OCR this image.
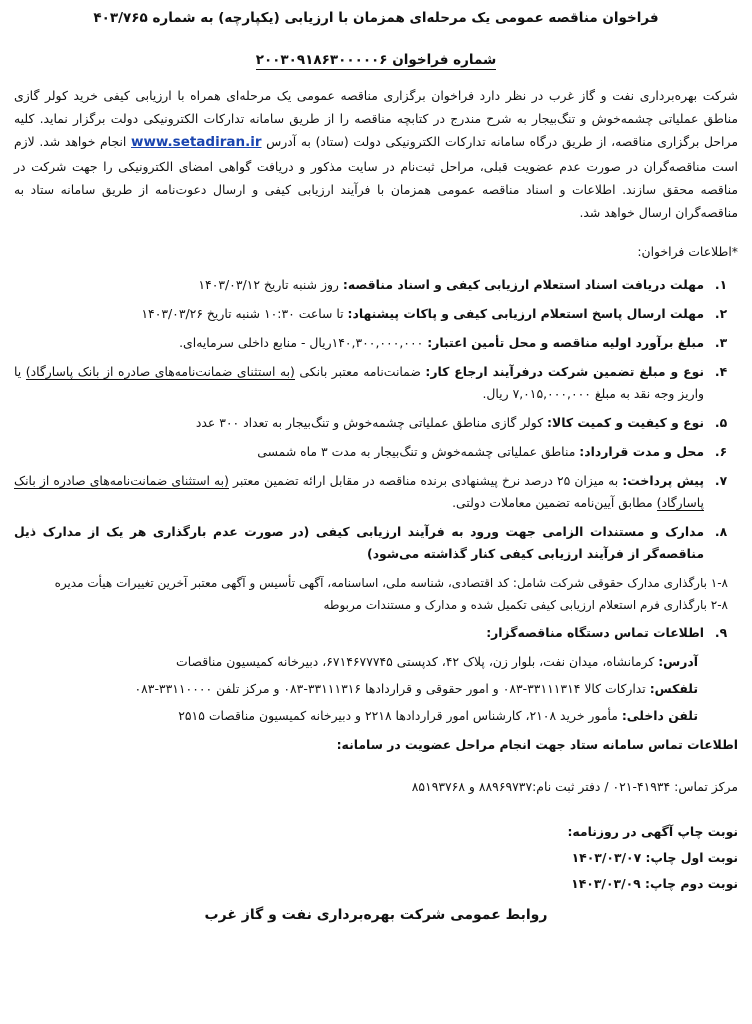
فراخوان مناقصه عمومی یک مرحله‌ای همزمان با ارزیابی (یکپارچه) به شماره ۴۰۳/۷۶۵
شماره فراخوان ۲۰۰۳۰۹۱۸۶۳۰۰۰۰۰۶
شرکت بهره‌برداری نفت و گاز غرب در نظر دارد فراخوان برگزاری مناقصه عمومی یک مرحله‌ای همراه با ارزیابی کیفی خرید کولر گازی مناطق عملیاتی چشمه‌خوش و تنگ‌بیجار به شرح مندرج در کتابچه مناقصه را از طریق سامانه تدارکات الکترونیکی دولت برگزار نماید. کلیه مراحل برگزاری مناقصه، از طریق درگاه سامانه تدارکات الکترونیکی دولت (ستاد) به آدرس www.setadiran.ir انجام خواهد شد. لازم است مناقصه‌گران در صورت عدم عضویت قبلی، مراحل ثبت‌نام در سایت مذکور و دریافت گواهی امضای الکترونیکی را جهت شرکت در مناقصه محقق سازند. اطلاعات و اسناد مناقصه عمومی همزمان با فرآیند ارزیابی کیفی و ارسال دعوت‌نامه از طریق سامانه ستاد به مناقصه‌گران ارسال خواهد شد.
*اطلاعات فراخوان:
۱.
مهلت دریافت اسناد استعلام ارزیابی کیفی و اسناد مناقصه: روز شنبه تاریخ ۱۴۰۳/۰۳/۱۲
۲.
مهلت ارسال پاسخ استعلام ارزیابی کیفی و پاکات پیشنهاد: تا ساعت ۱۰:۳۰ شنبه تاریخ ۱۴۰۳/۰۳/۲۶
۳.
مبلغ برآورد اولیه مناقصه و محل تأمین اعتبار: ۱۴۰,۳۰۰,۰۰۰,۰۰۰ریال - منابع داخلی سرمایه‌ای.
۴.
نوع و مبلغ تضمین شرکت درفرآیند ارجاع کار: ضمانت‌نامه معتبر بانکی (به استثنای ضمانت‌نامه‌های صادره از بانک پاسارگاد) یا واریز وجه نقد به مبلغ ۷,۰۱۵,۰۰۰,۰۰۰ ریال.
۵.
نوع و کیفیت و کمیت کالا: کولر گازی مناطق عملیاتی چشمه‌خوش و تنگ‌بیجار به تعداد ۳۰۰ عدد
۶.
محل و مدت قرارداد: مناطق عملیاتی چشمه‌خوش و تنگ‌بیجار به مدت ۳ ماه شمسی
۷.
پیش پرداخت: به میزان ۲۵ درصد نرخ پیشنهادی برنده مناقصه در مقابل ارائه تضمین معتبر (به استثنای ضمانت‌نامه‌های صادره از بانک پاسارگاد) مطابق آیین‌نامه تضمین معاملات دولتی.
۸.
مدارک و مستندات الزامی جهت ورود به فرآیند ارزیابی کیفی (در صورت عدم بارگذاری هر یک از مدارک ذیل مناقصه‌گر از فرآیند ارزیابی کیفی کنار گذاشته می‌شود)
۱-۸ بارگذاری مدارک حقوقی شرکت شامل: کد اقتصادی، شناسه ملی، اساسنامه، آگهی تأسیس و آگهی معتبر آخرین تغییرات هیأت مدیره
۲-۸ بارگذاری فرم استعلام ارزیابی کیفی تکمیل شده و مدارک و مستندات مربوطه
۹.
اطلاعات تماس دستگاه مناقصه‌گزار:
آدرس: کرمانشاه، میدان نفت، بلوار زن، پلاک ۴۲، کدپستی ۶۷۱۴۶۷۷۷۴۵، دبیرخانه کمیسیون مناقصات
تلفکس: تدارکات کالا ۳۳۱۱۱۳۱۴-۰۸۳ و امور حقوقی و قراردادها ۳۳۱۱۱۳۱۶-۰۸۳ و مرکز تلفن ۳۳۱۱۰۰۰۰-۰۸۳
تلفن داخلی: مأمور خرید ۲۱۰۸، کارشناس امور قراردادها ۲۲۱۸ و دبیرخانه کمیسیون مناقصات ۲۵۱۵
اطلاعات تماس سامانه ستاد جهت انجام مراحل عضویت در سامانه:
مرکز تماس: ۴۱۹۳۴-۰۲۱ / دفتر ثبت نام:۸۸۹۶۹۷۳۷ و ۸۵۱۹۳۷۶۸
نوبت چاپ آگهی در روزنامه:
نوبت اول چاپ: ۱۴۰۳/۰۳/۰۷
نوبت دوم چاپ: ۱۴۰۳/۰۳/۰۹
روابط عمومی شرکت بهره‌برداری نفت و گاز غرب
